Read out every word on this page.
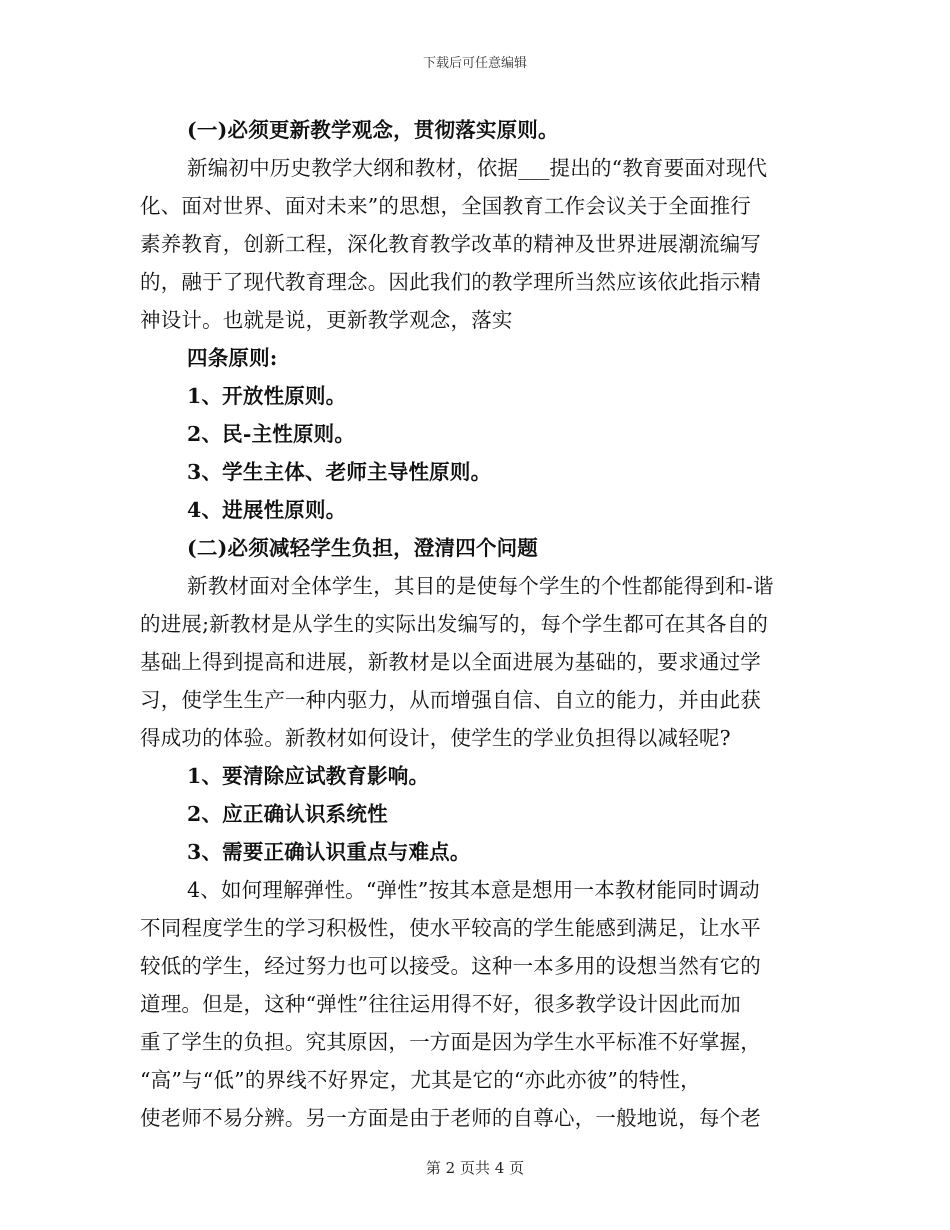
下载后可任意编辑
(一)必须更新教学观念，贯彻落实原则。
新编初中历史教学大纲和教材，依据___提出的“教育要面对现代
化、面对世界、面对未来”的思想，全国教育工作会议关于全面推行
素养教育，创新工程，深化教育教学改革的精神及世界进展潮流编写
的，融于了现代教育理念。因此我们的教学理所当然应该依此指示精
神设计。也就是说，更新教学观念，落实
四条原则:
1、开放性原则。
2、民-主性原则。
3、学生主体、老师主导性原则。
4、进展性原则。
(二)必须减轻学生负担，澄清四个问题
新教材面对全体学生，其目的是使每个学生的个性都能得到和-谐
的进展;新教材是从学生的实际出发编写的，每个学生都可在其各自的
基础上得到提高和进展，新教材是以全面进展为基础的，要求通过学
习，使学生生产一种内驱力，从而增强自信、自立的能力，并由此获
得成功的体验。新教材如何设计，使学生的学业负担得以减轻呢?
1、要清除应试教育影响。
2、应正确认识系统性
3、需要正确认识重点与难点。
4、如何理解弹性。“弹性”按其本意是想用一本教材能同时调动
不同程度学生的学习积极性，使水平较高的学生能感到满足，让水平
较低的学生，经过努力也可以接受。这种一本多用的设想当然有它的
道理。但是，这种“弹性”往往运用得不好，很多教学设计因此而加
重了学生的负担。究其原因，一方面是因为学生水平标准不好掌握，
“高”与“低”的界线不好界定，尤其是它的“亦此亦彼”的特性，
使老师不易分辨。另一方面是由于老师的自尊心，一般地说，每个老
第 2 页共 4 页
